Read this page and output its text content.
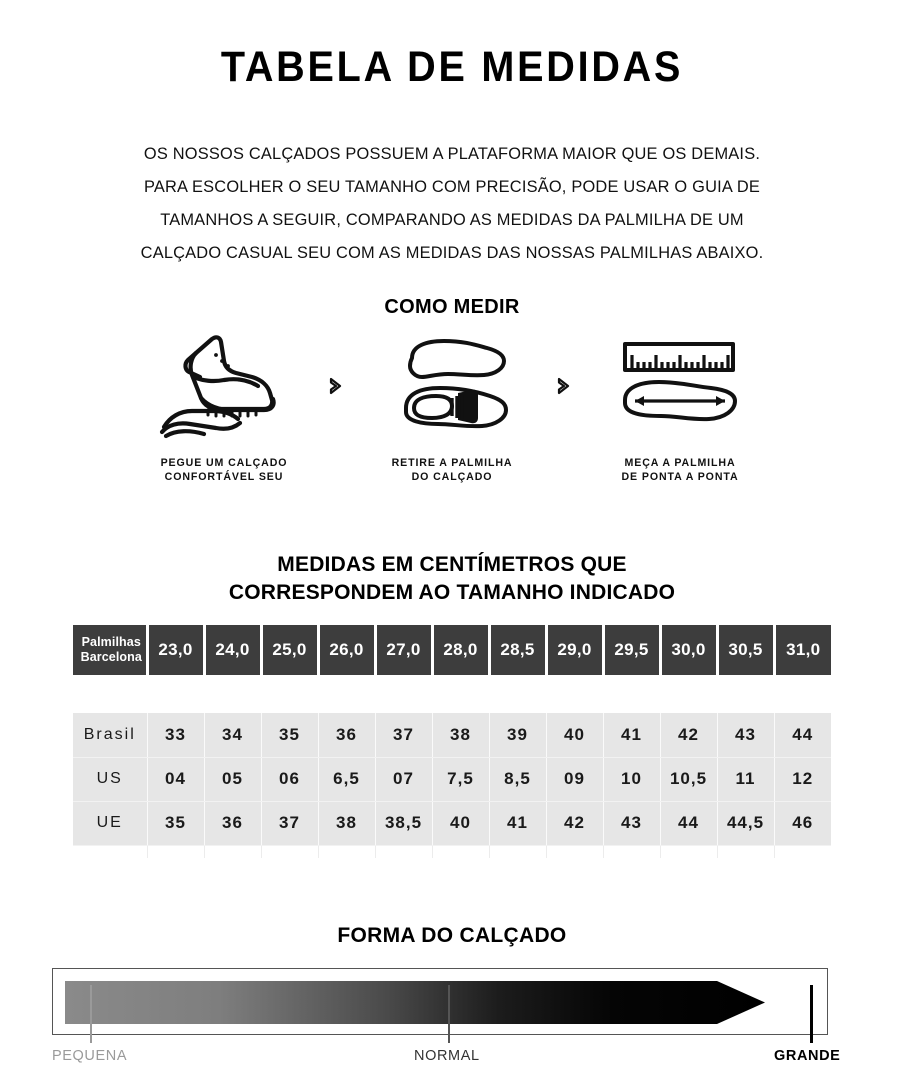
TABELA DE MEDIDAS
OS NOSSOS CALÇADOS POSSUEM A PLATAFORMA MAIOR QUE OS DEMAIS.
PARA ESCOLHER O SEU TAMANHO COM PRECISÃO, PODE USAR O GUIA DE
TAMANHOS A SEGUIR, COMPARANDO AS MEDIDAS DA PALMILHA DE UM
CALÇADO CASUAL SEU COM AS MEDIDAS DAS NOSSAS PALMILHAS ABAIXO.
COMO MEDIR
PEGUE UM CALÇADO
CONFORTÁVEL SEU
RETIRE A PALMILHA
DO CALÇADO
MEÇA A PALMILHA
DE PONTA A PONTA
MEDIDAS EM CENTÍMETROS QUE
CORRESPONDEM AO TAMANHO INDICADO
Palmilhas
Barcelona	23,0	24,0	25,0	26,0	27,0	28,0	28,5	29,0	29,5	30,0	30,5	31,0

Brasil	33	34	35	36	37	38	39	40	41	42	43	44
US	04	05	06	6,5	07	7,5	8,5	09	10	10,5	11	12
UE	35	36	37	38	38,5	40	41	42	43	44	44,5	46

FORMA DO CALÇADO
PEQUENA	NORMAL	GRANDE
